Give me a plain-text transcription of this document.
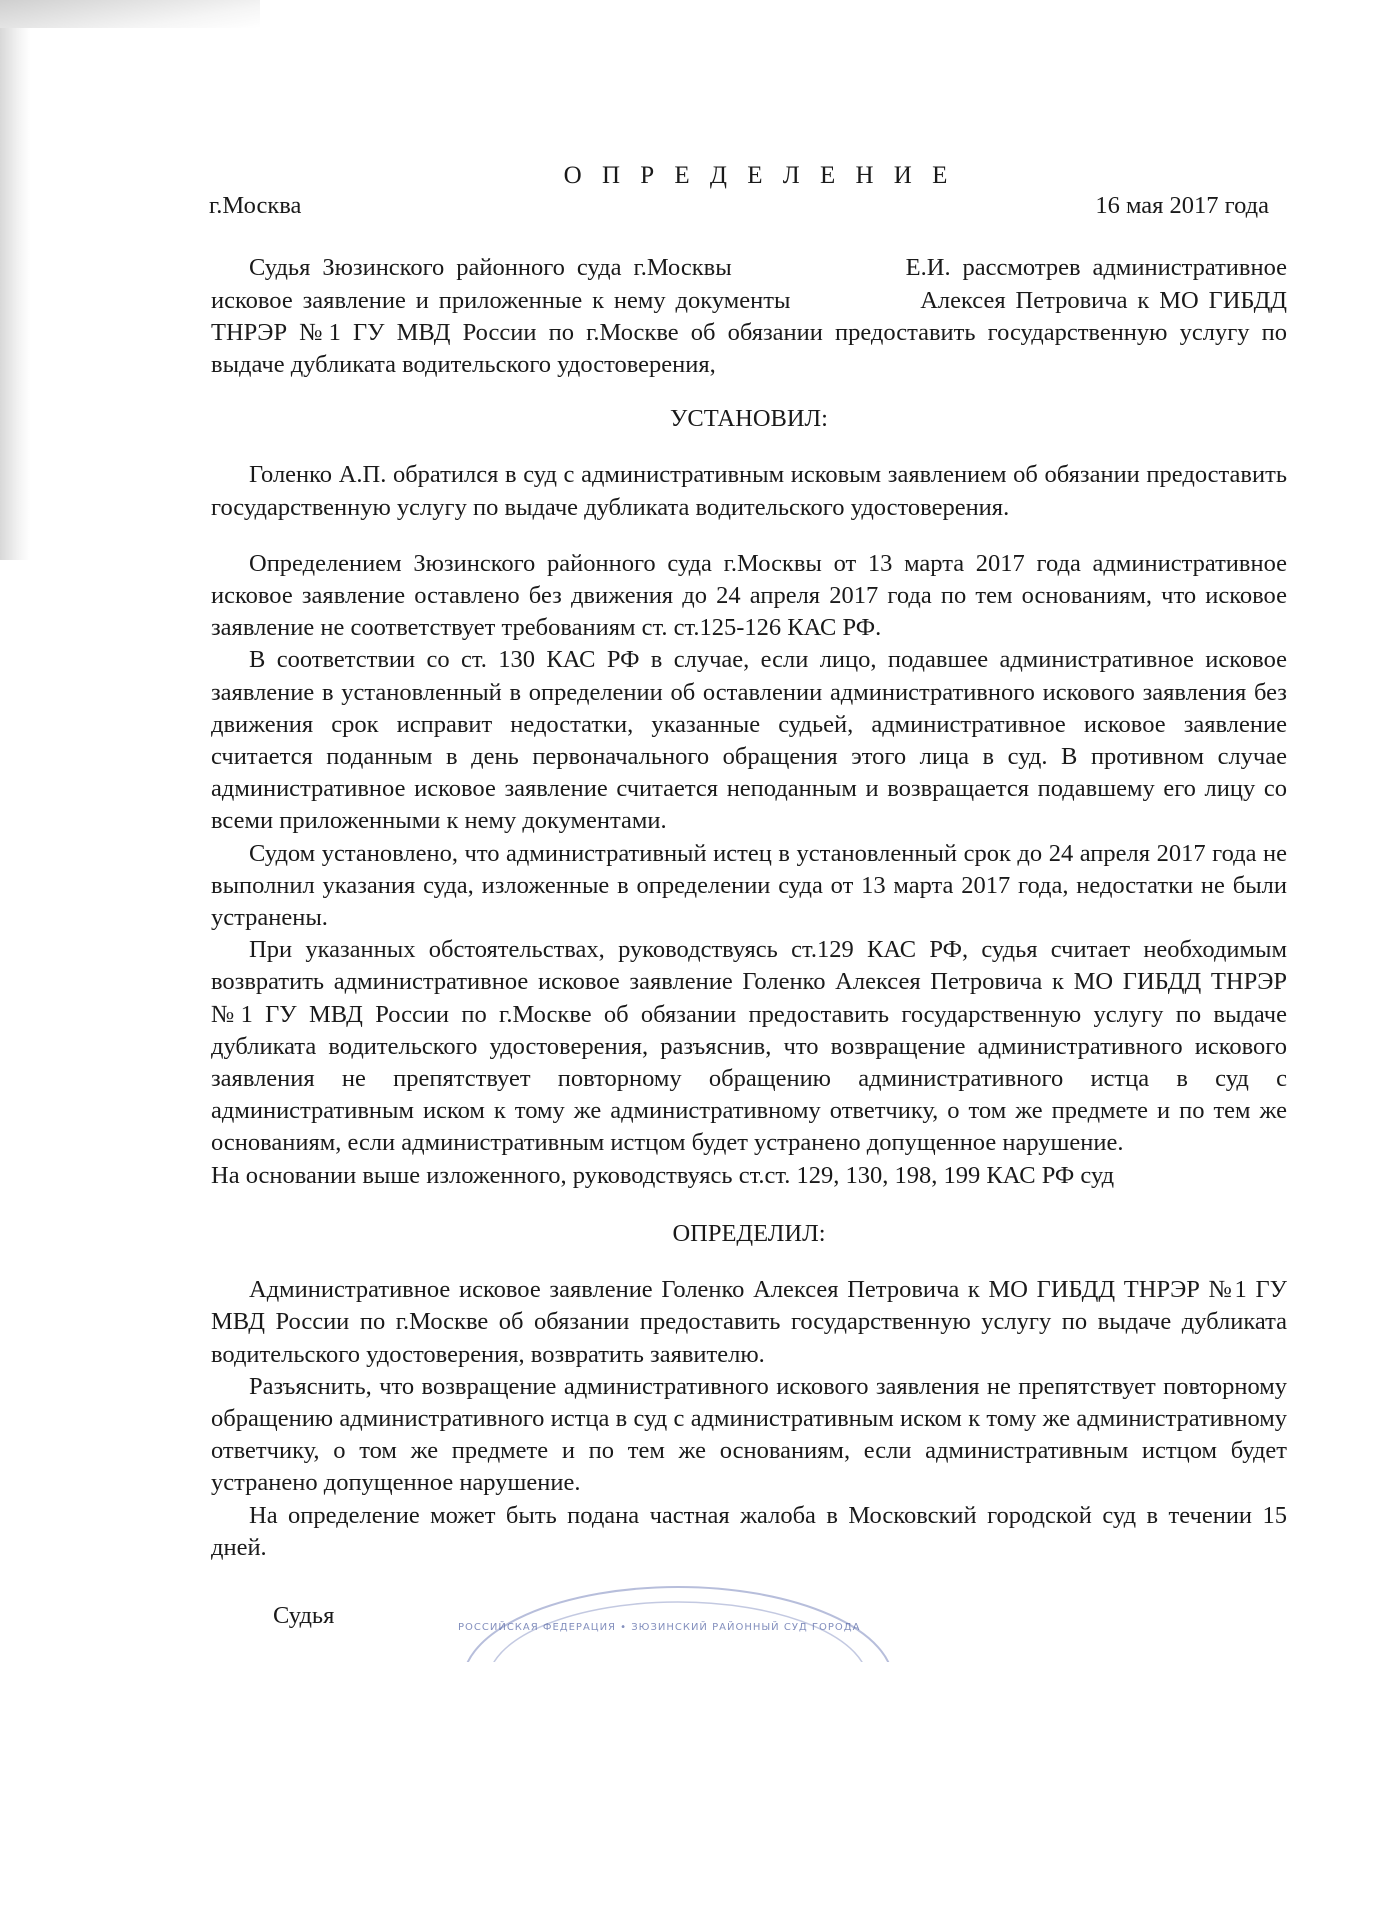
О П Р Е Д Е Л Е Н И Е
г.Москва	16 мая 2017 года

Судья Зюзинского районного суда г.Москвы	Е.И. рассмотрев административное исковое заявление и приложенные к нему документы	Алексея Петровича к МО ГИБДД ТНРЭР №1 ГУ МВД России по г.Москве об обязании предоставить государственную услугу по выдаче дубликата водительского удостоверения,

УСТАНОВИЛ:

Голенко А.П. обратился в суд с административным исковым заявлением об обязании предоставить государственную услугу по выдаче дубликата водительского удостоверения.

Определением Зюзинского районного суда г.Москвы от 13 марта 2017 года административное исковое заявление оставлено без движения до 24 апреля 2017 года по тем основаниям, что исковое заявление не соответствует требованиям ст. ст.125-126 КАС РФ.

В соответствии со ст. 130 КАС РФ в случае, если лицо, подавшее административное исковое заявление в установленный в определении об оставлении административного искового заявления без движения срок исправит недостатки, указанные судьей, административное исковое заявление считается поданным в день первоначального обращения этого лица в суд. В противном случае административное исковое заявление считается неподанным и возвращается подавшему его лицу со всеми приложенными к нему документами.

Судом установлено, что административный истец в установленный срок до 24 апреля 2017 года не выполнил указания суда, изложенные в определении суда от 13 марта 2017 года, недостатки не были устранены.

При указанных обстоятельствах, руководствуясь ст.129 КАС РФ, судья считает необходимым возвратить административное исковое заявление Голенко Алексея Петровича к МО ГИБДД ТНРЭР №1 ГУ МВД России по г.Москве об обязании предоставить государственную услугу по выдаче дубликата водительского удостоверения, разъяснив, что возвращение административного искового заявления не препятствует повторному обращению административного истца в суд с административным иском к тому же административному ответчику, о том же предмете и по тем же основаниям, если административным истцом будет устранено допущенное нарушение.

На основании выше изложенного, руководствуясь ст.ст. 129, 130, 198, 199 КАС РФ суд

ОПРЕДЕЛИЛ:

Административное исковое заявление Голенко Алексея Петровича к МО ГИБДД ТНРЭР №1 ГУ МВД России по г.Москве об обязании предоставить государственную услугу по выдаче дубликата водительского удостоверения, возвратить заявителю.

Разъяснить, что возвращение административного искового заявления не препятствует повторному обращению административного истца в суд с административным иском к тому же административному ответчику, о том же предмете и по тем же основаниям, если административным истцом будет устранено допущенное нарушение.

На определение может быть подана частная жалоба в Московский городской суд в течении 15 дней.

Судья	РОССИЙСКАЯ ФЕДЕРАЦИЯ • ЗЮЗИНСКИЙ РАЙОННЫЙ СУД ГОРОДА
